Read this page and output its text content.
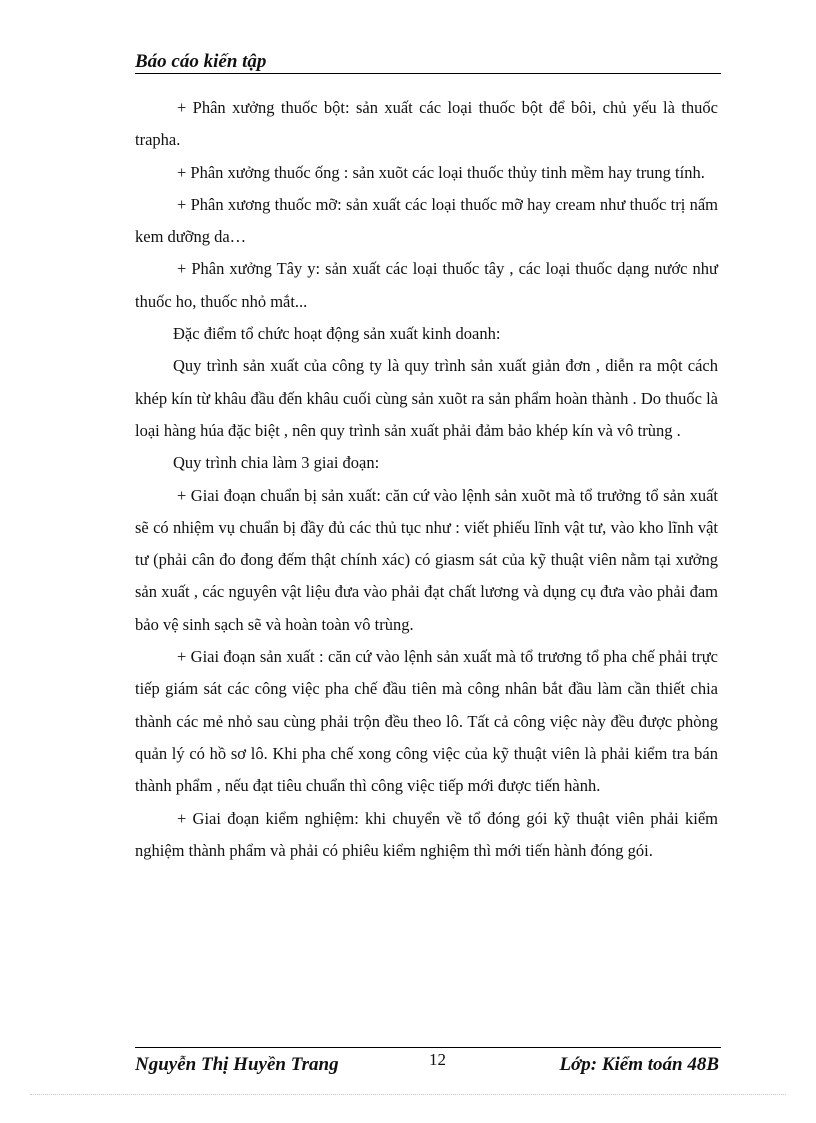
Báo cáo kiến tập

+ Phân xưởng thuốc bột: sản xuất các loại thuốc bột để bôi, chủ yếu là thuốc trapha.

+ Phân xưởng thuốc ống : sản xuõt các loại thuốc thủy tinh mềm hay trung tính.

+ Phân xương thuốc mỡ: sản xuất các loại thuốc mỡ hay cream như thuốc trị nấm kem dưỡng da…

+ Phân xưởng Tây y: sản xuất các loại thuốc tây , các loại thuốc dạng nước như thuốc ho, thuốc nhỏ mắt...

Đặc điểm tổ chức hoạt động sản xuất kinh doanh:

Quy trình sản xuất của công ty là quy trình sản xuất giản đơn , diễn ra một cách khép kín từ khâu đầu đến khâu cuối cùng sản xuõt ra sản phẩm hoàn thành . Do thuốc là loại hàng húa đặc biệt , nên quy trình sản xuất phải đảm bảo khép kín và vô trùng .

Quy trình chia làm 3 giai đoạn:

+ Giai đoạn chuẩn bị sản xuất: căn cứ vào lệnh sản xuõt mà tổ trưởng tổ sản xuất sẽ có nhiệm vụ chuẩn bị đầy đủ các thủ tục như : viết phiếu lĩnh vật tư, vào kho lĩnh vật tư (phải cân đo đong đếm thật chính xác) có giasm sát của kỹ thuật viên nằm tại xưởng sản xuất , các nguyên vật liệu đưa vào phải đạt chất lương và dụng cụ đưa vào phải đam bảo vệ sinh sạch sẽ và hoàn toàn vô trùng.

+ Giai đoạn sản xuất : căn cứ vào lệnh sản xuất mà tổ trương tổ pha chế phải trực tiếp giám sát các công việc pha chế đầu tiên mà công nhân bắt đầu làm cần thiết chia thành các mẻ nhỏ sau cùng phải trộn đều theo lô. Tất cả công việc này đều được phòng quản lý có hồ sơ lô. Khi pha chế xong công việc của kỹ thuật viên là phải kiểm tra bán thành phẩm , nếu đạt tiêu chuẩn thì công việc tiếp mới được tiến hành.

+ Giai đoạn kiểm nghiệm: khi chuyển về tổ đóng gói kỹ thuật viên phải kiểm nghiệm thành phẩm và phải có phiêu kiểm nghiệm thì mới tiến hành đóng gói.

Nguyễn Thị Huyền Trang	12	Lớp: Kiểm toán 48B
